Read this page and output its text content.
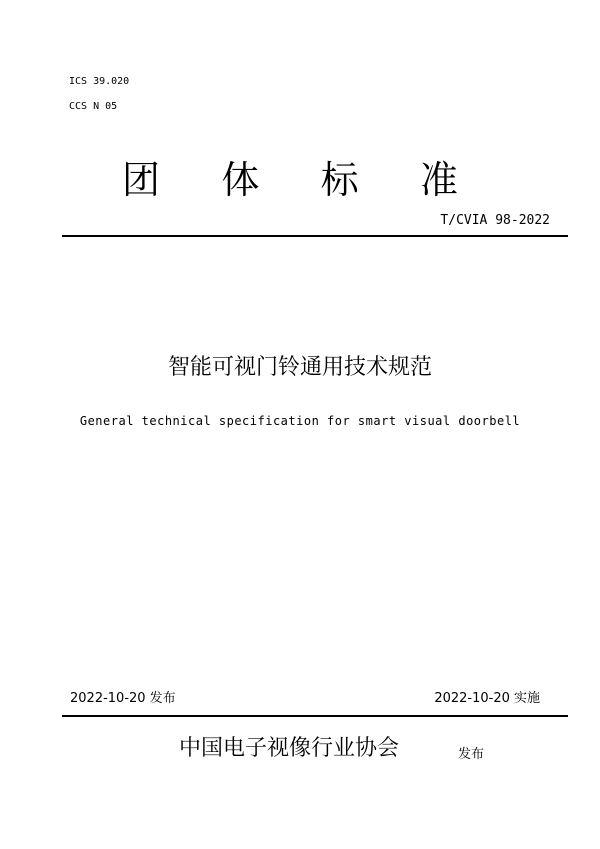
ICS 39.020
CCS N 05
团 体 标 准
T/CVIA 98-2022
智能可视门铃通用技术规范
General technical specification for smart visual doorbell
2022-10-20 发布	2022-10-20 实施
中国电子视像行业协会	发布
